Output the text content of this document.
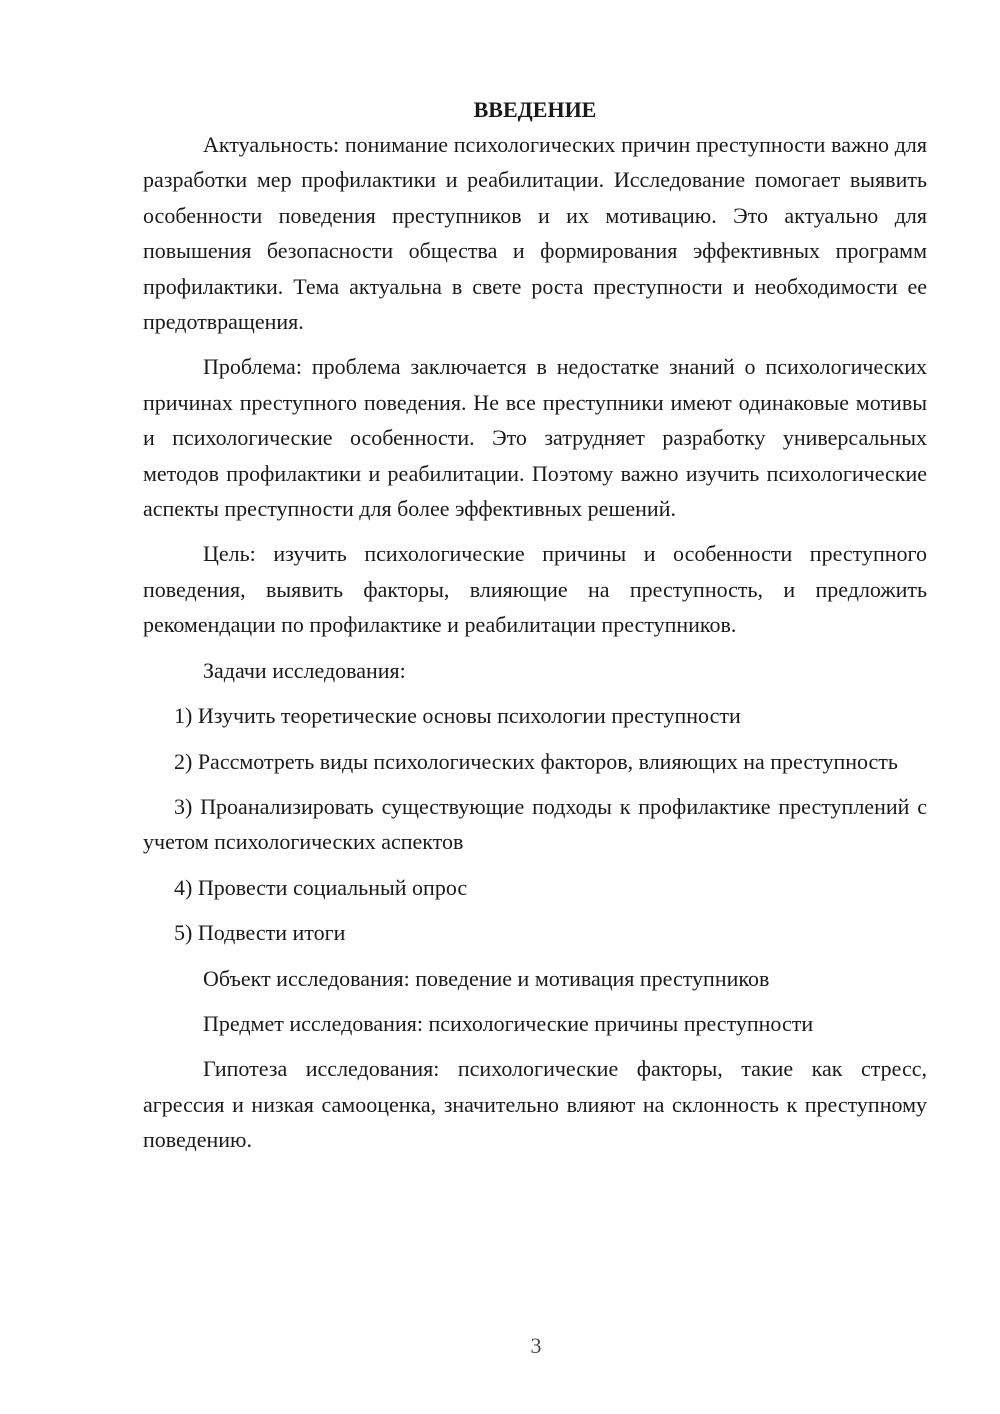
ВВЕДЕНИЕ

Актуальность: понимание психологических причин преступности важно для разработки мер профилактики и реабилитации. Исследование помогает выявить особенности поведения преступников и их мотивацию. Это актуально для повышения безопасности общества и формирования эффективных программ профилактики. Тема актуальна в свете роста преступности и необходимости ее предотвращения.

Проблема: проблема заключается в недостатке знаний о психологических причинах преступного поведения. Не все преступники имеют одинаковые мотивы и психологические особенности. Это затрудняет разработку универсальных методов профилактики и реабилитации. Поэтому важно изучить психологические аспекты преступности для более эффективных решений.

Цель: изучить психологические причины и особенности преступного поведения, выявить факторы, влияющие на преступность, и предложить рекомендации по профилактике и реабилитации преступников.

Задачи исследования:

1) Изучить теоретические основы психологии преступности

2) Рассмотреть виды психологических факторов, влияющих на преступность

3) Проанализировать существующие подходы к профилактике преступлений с учетом психологических аспектов

4) Провести социальный опрос

5) Подвести итоги

Объект исследования: поведение и мотивация преступников

Предмет исследования: психологические причины преступности

Гипотеза исследования: психологические факторы, такие как стресс, агрессия и низкая самооценка, значительно влияют на склонность к преступному поведению.

3
